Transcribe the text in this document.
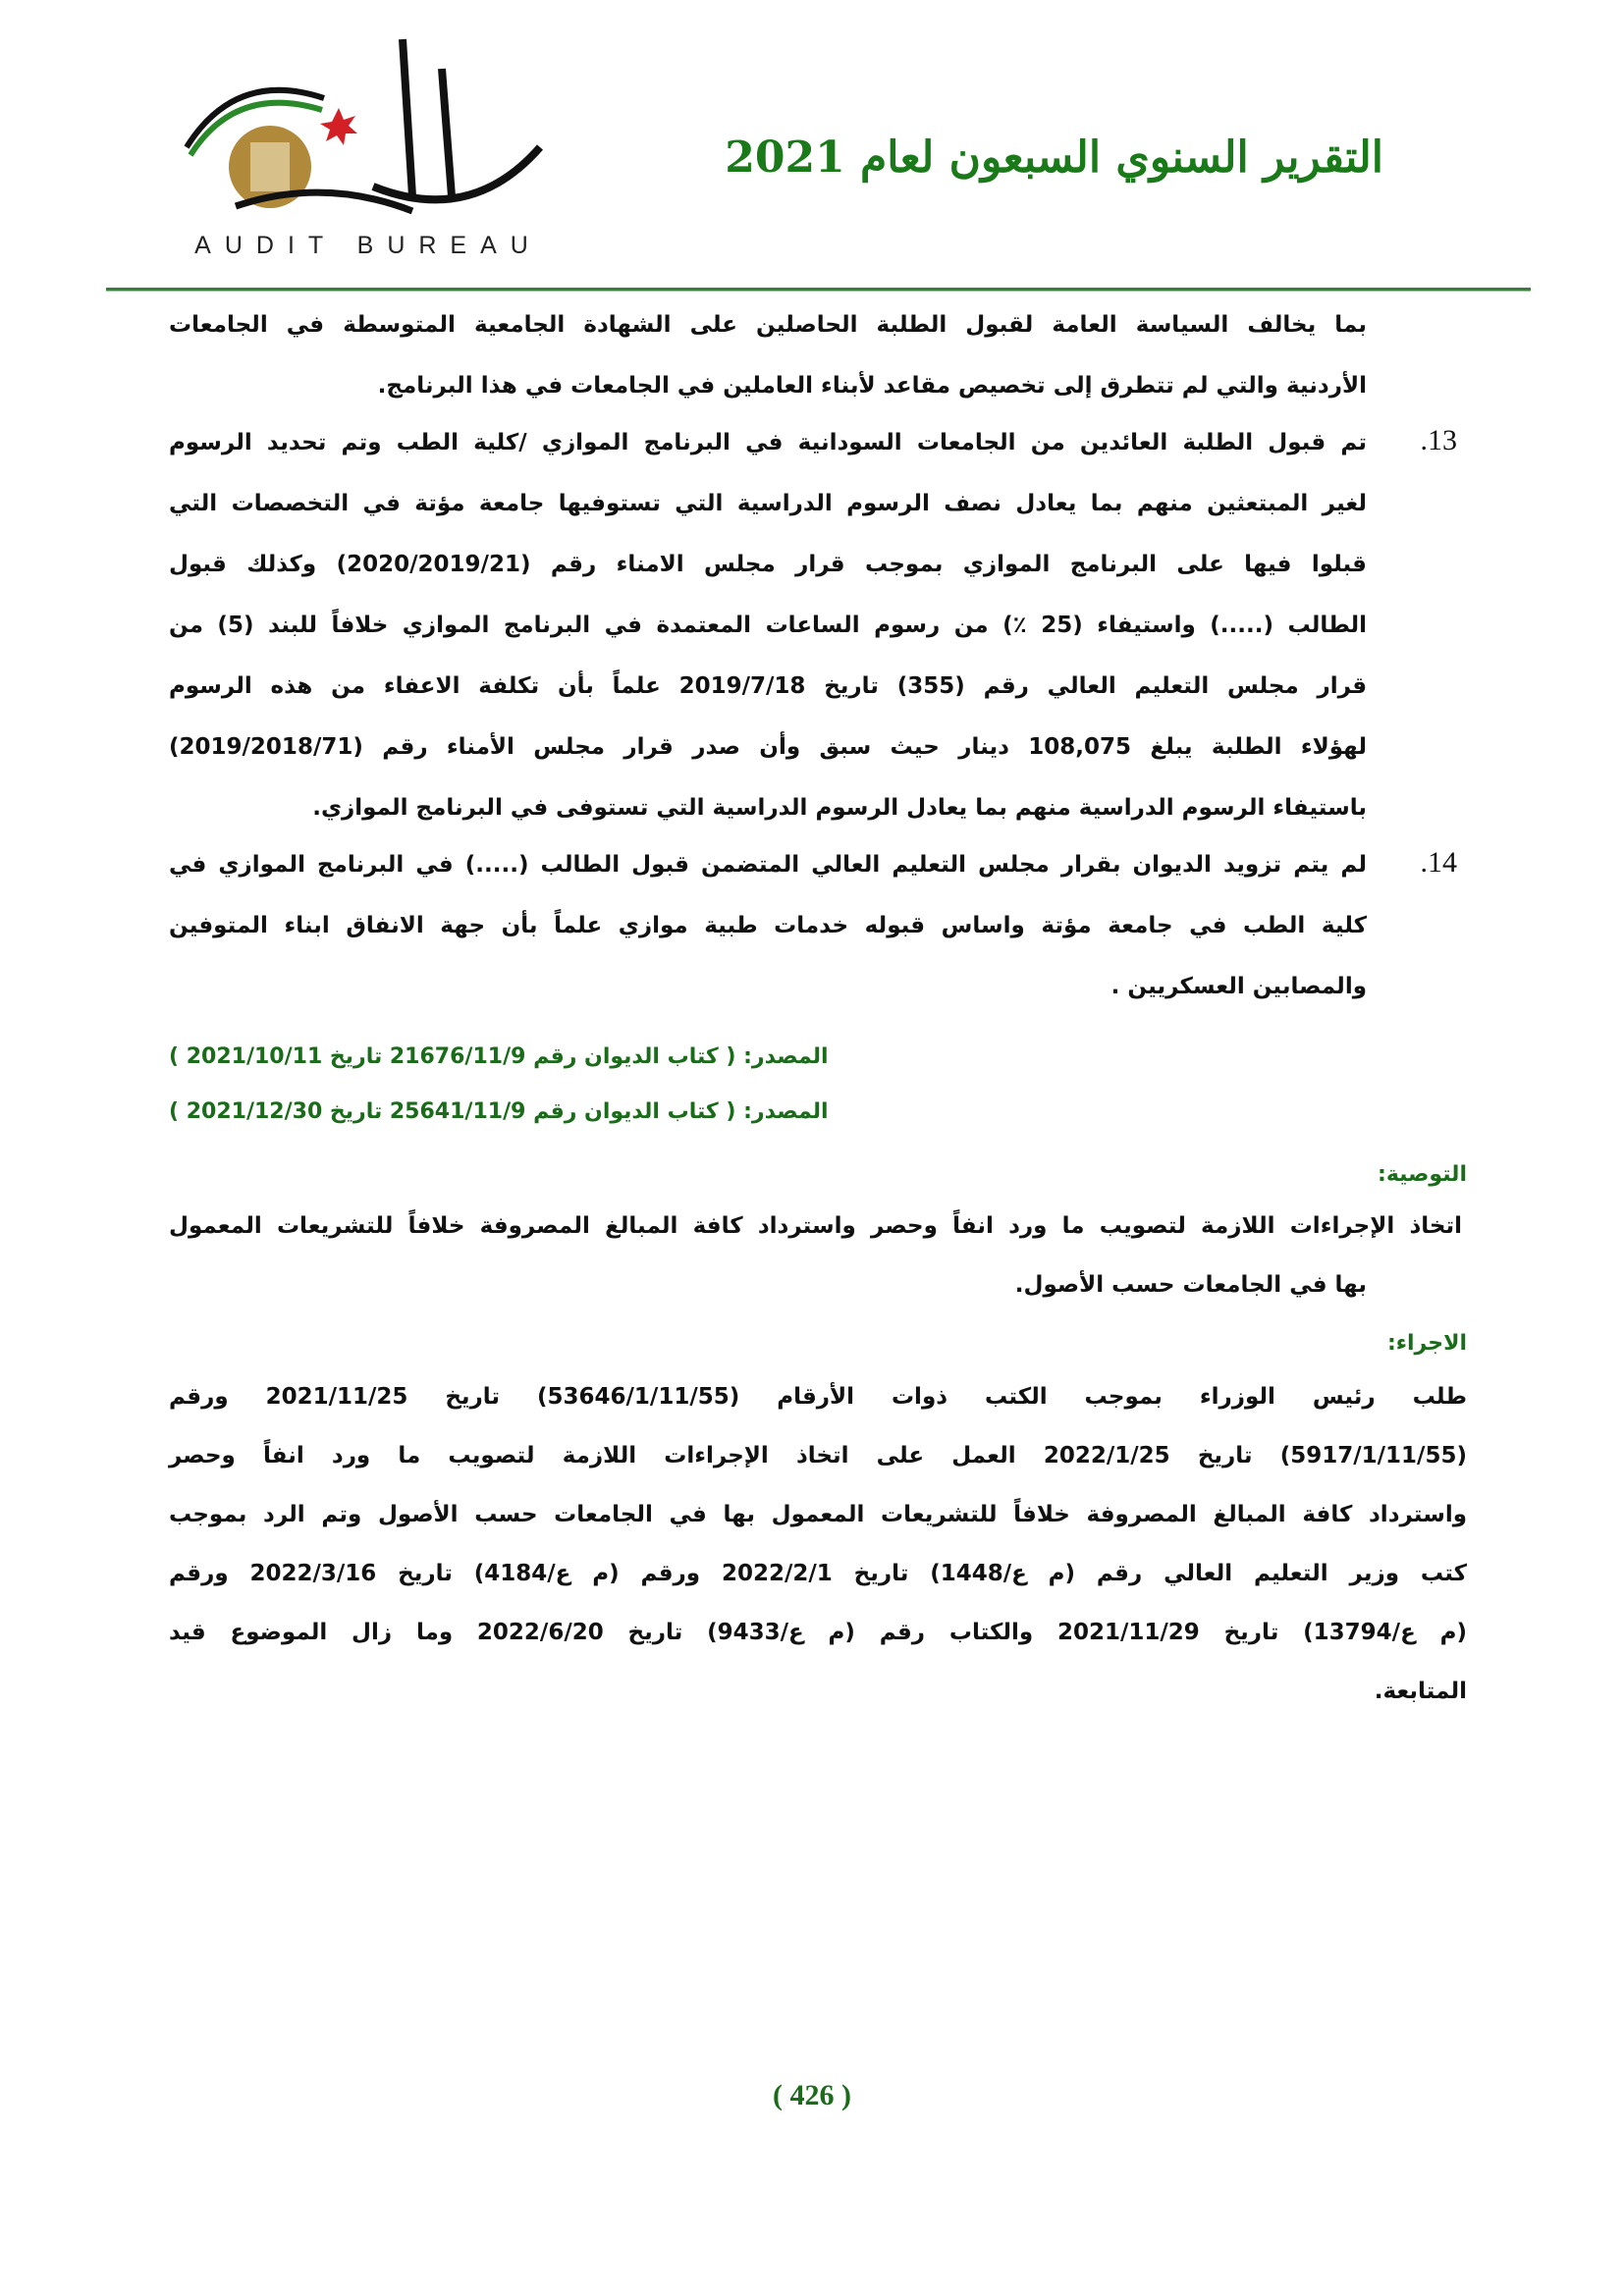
AUDIT BUREAU
التقرير السنوي السبعون لعام 2021
بما يخالف السياسة العامة لقبول الطلبة الحاصلين على الشهادة الجامعية المتوسطة في الجامعات
الأردنية والتي لم تتطرق إلى تخصيص مقاعد لأبناء العاملين في الجامعات في هذا البرنامج.
.13
تم قبول الطلبة العائدين من الجامعات السودانية في البرنامج الموازي /كلية الطب وتم تحديد الرسوم
لغير المبتعثين منهم بما يعادل نصف الرسوم الدراسية التي تستوفيها جامعة مؤتة في التخصصات التي
قبلوا فيها على البرنامج الموازي بموجب قرار مجلس الامناء رقم (2020/2019/21) وكذلك قبول
الطالب (.....) واستيفاء (25 ٪) من رسوم الساعات المعتمدة في البرنامج الموازي خلافاً للبند (5) من
قرار مجلس التعليم العالي رقم (355) تاريخ 2019/7/18 علماً بأن تكلفة الاعفاء من هذه الرسوم
لهؤلاء الطلبة يبلغ 108,075 دينار حيث سبق وأن صدر قرار مجلس الأمناء رقم (2019/2018/71)
باستيفاء الرسوم الدراسية منهم بما يعادل الرسوم الدراسية التي تستوفى في البرنامج الموازي.
.14
لم يتم تزويد الديوان بقرار مجلس التعليم العالي المتضمن قبول الطالب (.....) في البرنامج الموازي في
كلية الطب في جامعة مؤتة واساس قبوله خدمات طبية موازي علماً بأن جهة الانفاق ابناء المتوفين
والمصابين العسكريين .
المصدر: ( كتاب الديوان رقم 21676/11/9 تاريخ 2021/10/11 )
المصدر: ( كتاب الديوان رقم 25641/11/9 تاريخ 2021/12/30 )
التوصية:
اتخاذ الإجراءات اللازمة لتصويب ما ورد انفاً وحصر واسترداد كافة المبالغ المصروفة خلافاً للتشريعات المعمول
بها في الجامعات حسب الأصول.
الاجراء:
طلب رئيس الوزراء بموجب الكتب ذوات الأرقام (53646/1/11/55) تاريخ 2021/11/25 ورقم
(5917/1/11/55) تاريخ 2022/1/25 العمل على اتخاذ الإجراءات اللازمة لتصويب ما ورد انفاً وحصر
واسترداد كافة المبالغ المصروفة خلافاً للتشريعات المعمول بها في الجامعات حسب الأصول وتم الرد بموجب
كتب وزير التعليم العالي رقم (م ع/1448) تاريخ 2022/2/1 ورقم (م ع/4184) تاريخ 2022/3/16 ورقم
(م ع/13794) تاريخ 2021/11/29 والكتاب رقم (م ع/9433) تاريخ 2022/6/20 وما زال الموضوع قيد
المتابعة.
( 426 )
